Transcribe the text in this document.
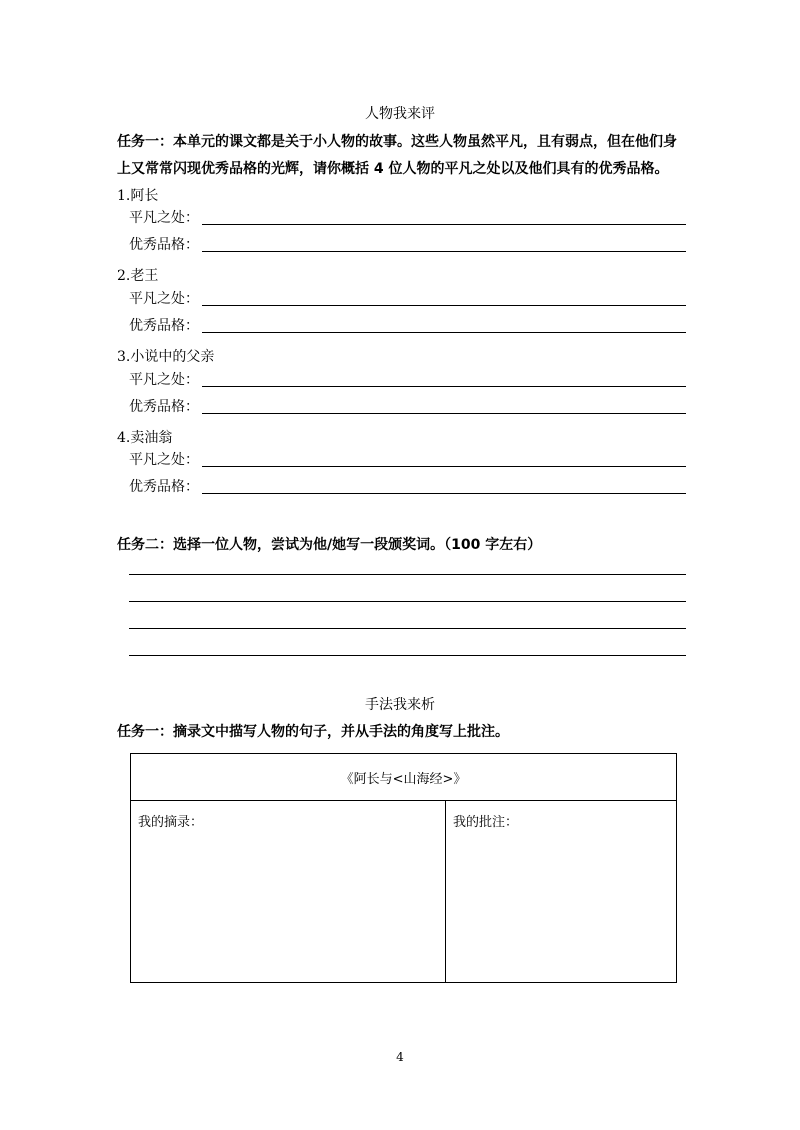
人物我来评
任务一：本单元的课文都是关于小人物的故事。这些人物虽然平凡，且有弱点，但在他们身
上又常常闪现优秀品格的光辉，请你概括 4 位人物的平凡之处以及他们具有的优秀品格。
1.阿长
平凡之处：
优秀品格：
2.老王
平凡之处：
优秀品格：
3.小说中的父亲
平凡之处：
优秀品格：
4.卖油翁
平凡之处：
优秀品格：
任务二：选择一位人物，尝试为他/她写一段颁奖词。（100 字左右）
手法我来析
任务一：摘录文中描写人物的句子，并从手法的角度写上批注。
《阿长与<山海经>》
我的摘录：	我的批注：
4
